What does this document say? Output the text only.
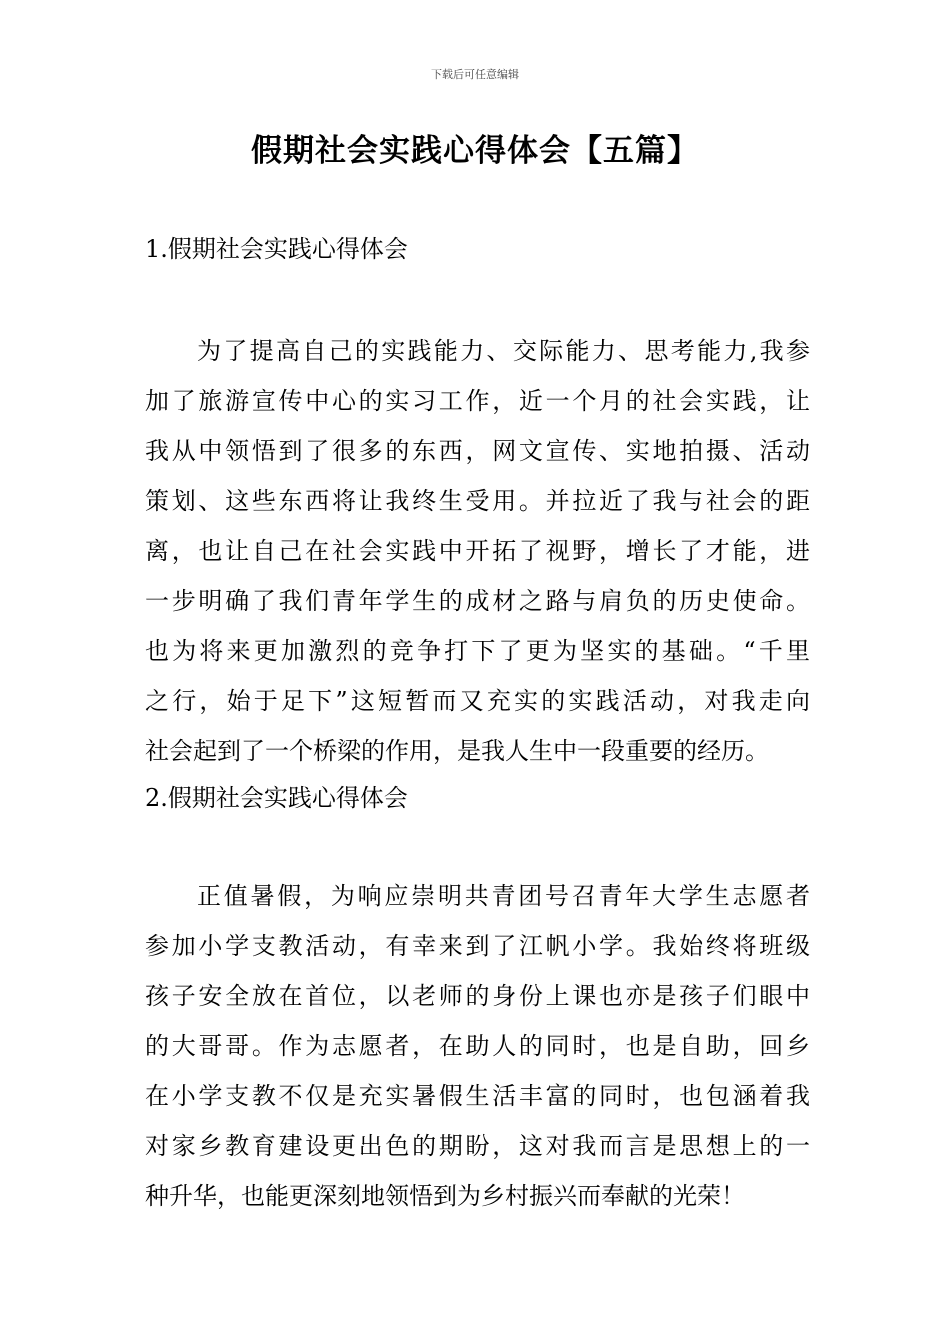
下载后可任意编辑
假期社会实践心得体会【五篇】
1.假期社会实践心得体会
为了提高自己的实践能力、交际能力、思考能力,我参
加了旅游宣传中心的实习工作，近一个月的社会实践，让
我从中领悟到了很多的东西，网文宣传、实地拍摄、活动
策划、这些东西将让我终生受用。并拉近了我与社会的距
离，也让自己在社会实践中开拓了视野，增长了才能，进
一步明确了我们青年学生的成材之路与肩负的历史使命。
也为将来更加激烈的竞争打下了更为坚实的基础。“千里
之行，始于足下”这短暂而又充实的实践活动，对我走向
社会起到了一个桥梁的作用，是我人生中一段重要的经历。
2.假期社会实践心得体会
正值暑假，为响应崇明共青团号召青年大学生志愿者
参加小学支教活动，有幸来到了江帆小学。我始终将班级
孩子安全放在首位，以老师的身份上课也亦是孩子们眼中
的大哥哥。作为志愿者，在助人的同时，也是自助，回乡
在小学支教不仅是充实暑假生活丰富的同时，也包涵着我
对家乡教育建设更出色的期盼，这对我而言是思想上的一
种升华，也能更深刻地领悟到为乡村振兴而奉献的光荣！
